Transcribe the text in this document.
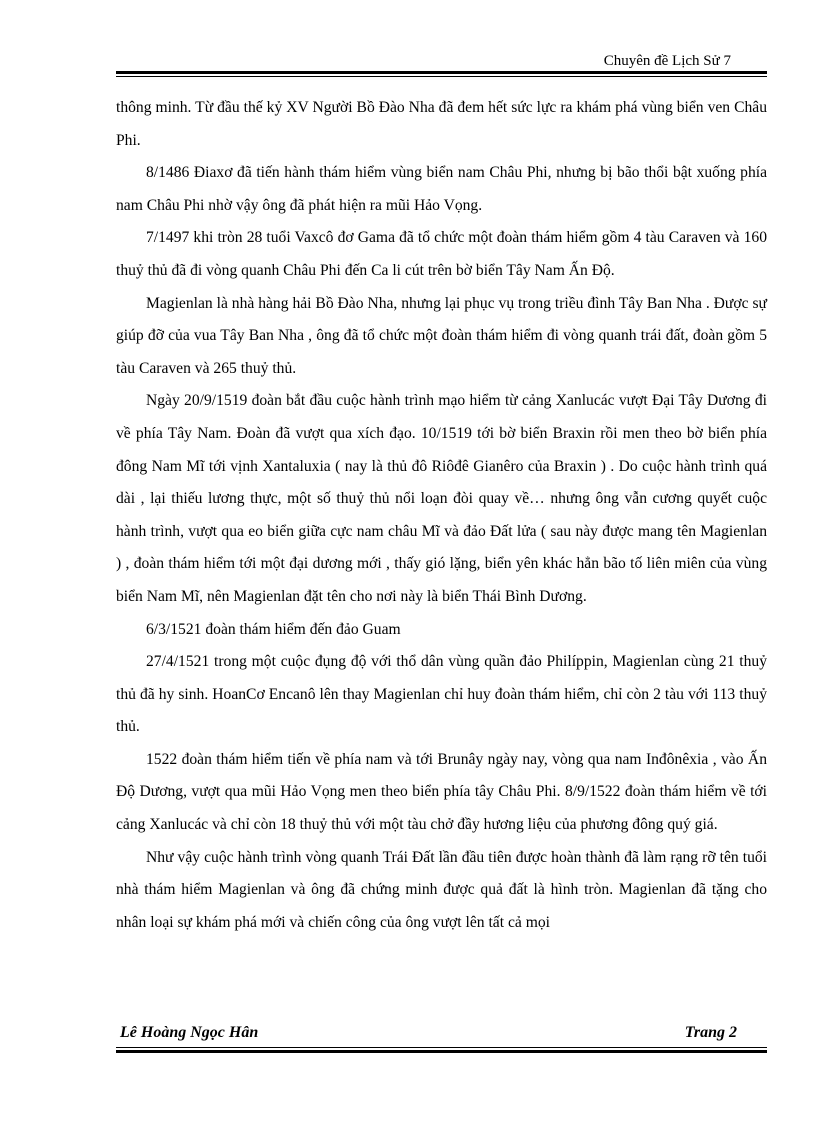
Chuyên đề Lịch Sử 7

thông minh. Từ đầu thế kỷ XV Người Bồ Đào Nha đã đem hết sức lực ra khám phá vùng biển ven Châu Phi.

8/1486 Điaxơ đã tiến hành thám hiểm vùng biển nam Châu Phi, nhưng bị bão thổi bật xuống phía nam Châu Phi nhờ vậy ông đã phát hiện ra mũi Hảo Vọng.

7/1497 khi tròn 28 tuổi Vaxcô đơ Gama đã tổ chức một đoàn thám hiểm gồm 4 tàu Caraven và 160 thuỷ thủ đã đi vòng quanh Châu Phi đến Ca li cút trên bờ biển Tây Nam Ấn Độ.

Magienlan là nhà hàng hải Bồ Đào Nha, nhưng lại phục vụ trong triều đình Tây Ban Nha . Được sự giúp đỡ của vua Tây Ban Nha , ông đã tổ chức một đoàn thám hiểm đi vòng quanh trái đất, đoàn gồm 5 tàu Caraven và 265 thuỷ thủ.

Ngày 20/9/1519 đoàn bắt đầu cuộc hành trình mạo hiểm từ cảng Xanlucác vượt Đại Tây Dương đi về phía Tây Nam. Đoàn đã vượt qua xích đạo. 10/1519 tới bờ biển Braxin rồi men theo bờ biển phía đông Nam Mĩ tới vịnh Xantaluxia ( nay là thủ đô Riôđê Gianêro của Braxin ) . Do cuộc hành trình quá dài , lại thiếu lương thực, một số thuỷ thủ nổi loạn đòi quay về… nhưng ông vẫn cương quyết cuộc hành trình, vượt qua eo biển giữa cực nam châu Mĩ và đảo Đất lửa ( sau này được mang tên Magienlan ) , đoàn thám hiểm tới một đại dương mới , thấy gió lặng, biển yên khác hẳn bão tố liên miên của vùng biển Nam Mĩ, nên Magienlan đặt tên cho nơi này là biển Thái Bình Dương.

6/3/1521 đoàn thám hiểm đến đảo Guam

27/4/1521 trong một cuộc đụng độ với thổ dân vùng quần đảo Philíppin, Magienlan cùng 21 thuỷ thủ đã hy sinh. HoanCơ Encanô lên thay Magienlan chỉ huy đoàn thám hiểm, chỉ còn 2 tàu với 113 thuỷ thủ.

1522 đoàn thám hiểm tiến về phía nam và tới Brunây ngày nay, vòng qua nam Inđônêxia , vào Ấn Độ Dương, vượt qua mũi Hảo Vọng men theo biển phía tây Châu Phi. 8/9/1522 đoàn thám hiểm về tới cảng Xanlucác và chỉ còn 18 thuỷ thủ với một tàu chở đầy hương liệu của phương đông quý giá.

Như vậy cuộc hành trình vòng quanh Trái Đất lần đầu tiên được hoàn thành đã làm rạng rỡ tên tuổi nhà thám hiểm Magienlan và ông đã chứng minh được quả đất là hình tròn. Magienlan đã tặng cho nhân loại sự khám phá mới và chiến công của ông vượt lên tất cả mọi

Lê Hoàng Ngọc Hân	Trang 2
